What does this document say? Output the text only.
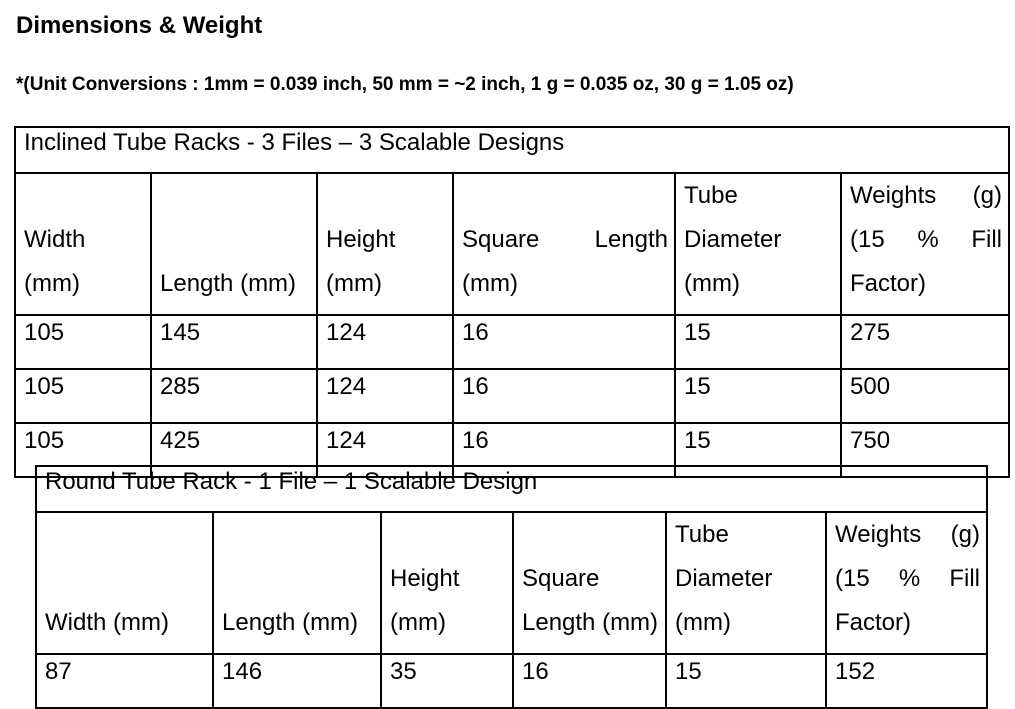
Dimensions & Weight
*(Unit Conversions : 1mm = 0.039 inch, 50 mm = ~2 inch, 1 g = 0.035 oz, 30 g = 1.05 oz)
Inclined Tube Racks - 3 Files – 3 Scalable Designs					
Width (mm)	Length (mm)	Height (mm)	Square Length (mm)	Tube Diameter (mm)	Weights (g) (15 % Fill Factor)
105	145	124	16	15	275
105	285	124	16	15	500
105	425	124	16	15	750
Round Tube Rack - 1 File – 1 Scalable Design					
Width (mm)	Length (mm)	Height (mm)	Square Length (mm)	Tube Diameter (mm)	Weights (g) (15 % Fill Factor)
87	146	35	16	15	152
